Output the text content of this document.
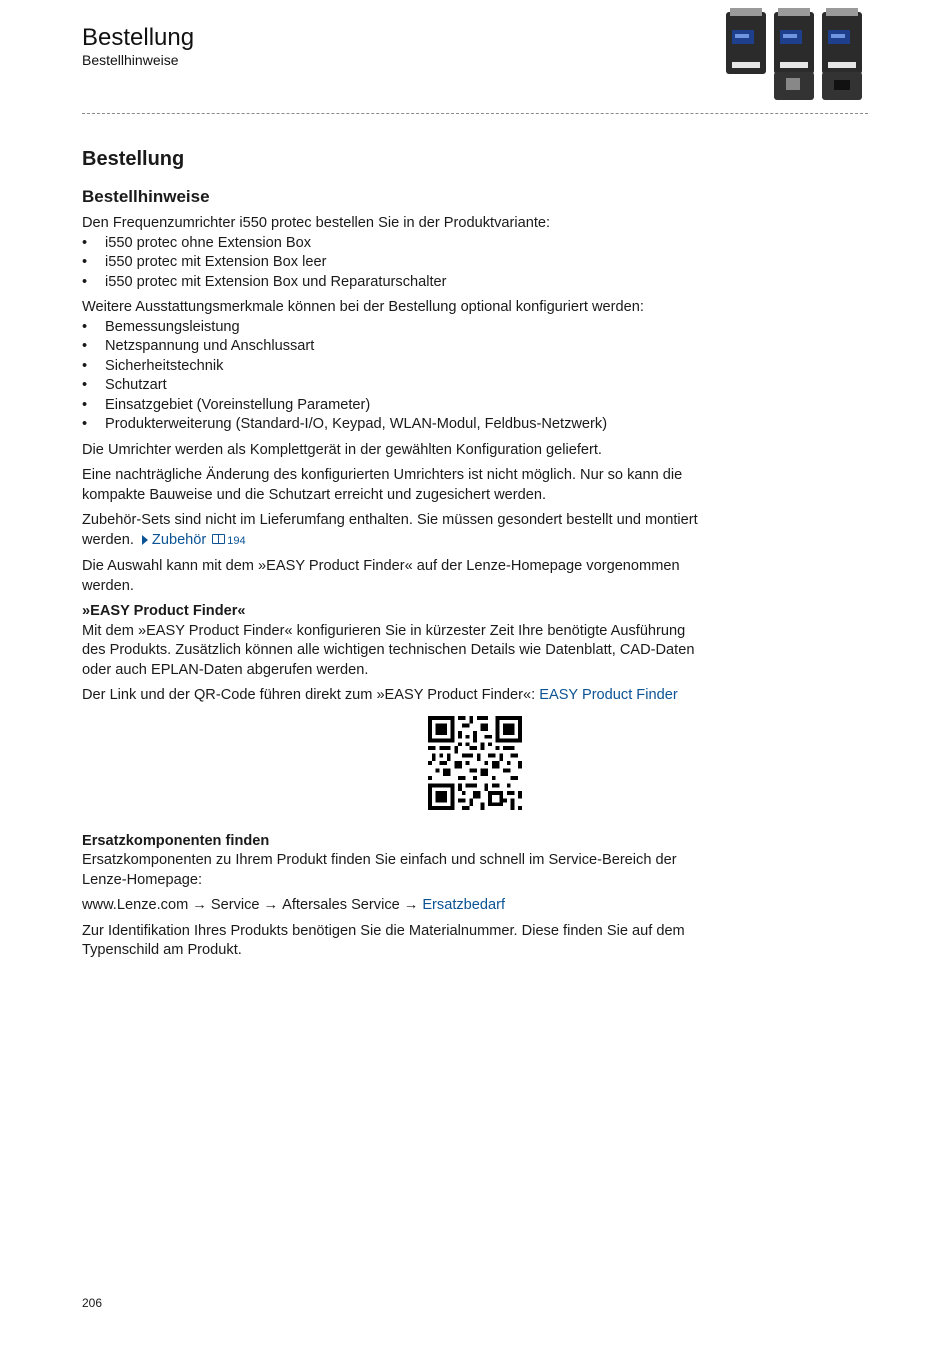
Bestellung
Bestellhinweise
Bestellung
Bestellhinweise

Den Frequenzumrichter i550 protec bestellen Sie in der Produktvariante:

• i550 protec ohne Extension Box
• i550 protec mit Extension Box leer
• i550 protec mit Extension Box und Reparaturschalter

Weitere Ausstattungsmerkmale können bei der Bestellung optional konfiguriert werden:

• Bemessungsleistung
• Netzspannung und Anschlussart
• Sicherheitstechnik
• Schutzart
• Einsatzgebiet (Voreinstellung Parameter)
• Produkterweiterung (Standard-I/O, Keypad, WLAN-Modul, Feldbus-Netzwerk)

Die Umrichter werden als Komplettgerät in der gewählten Konfiguration geliefert.

Eine nachträgliche Änderung des konfigurierten Umrichters ist nicht möglich. Nur so kann die kompakte Bauweise und die Schutzart erreicht und zugesichert werden.

Zubehör-Sets sind nicht im Lieferumfang enthalten. Sie müssen gesondert bestellt und montiert werden. Zubehör 194

Die Auswahl kann mit dem »EASY Product Finder« auf der Lenze-Homepage vorgenommen werden.

»EASY Product Finder«

Mit dem »EASY Product Finder« konfigurieren Sie in kürzester Zeit Ihre benötigte Ausführung des Produkts. Zusätzlich können alle wichtigen technischen Details wie Datenblatt, CAD-Daten oder auch EPLAN-Daten abgerufen werden.

Der Link und der QR-Code führen direkt zum »EASY Product Finder«: EASY Product Finder

Ersatzkomponenten finden

Ersatzkomponenten zu Ihrem Produkt finden Sie einfach und schnell im Service-Bereich der Lenze-Homepage:

www.Lenze.com → Service → Aftersales Service → Ersatzbedarf

Zur Identifikation Ihres Produkts benötigen Sie die Materialnummer. Diese finden Sie auf dem Typenschild am Produkt.

206
